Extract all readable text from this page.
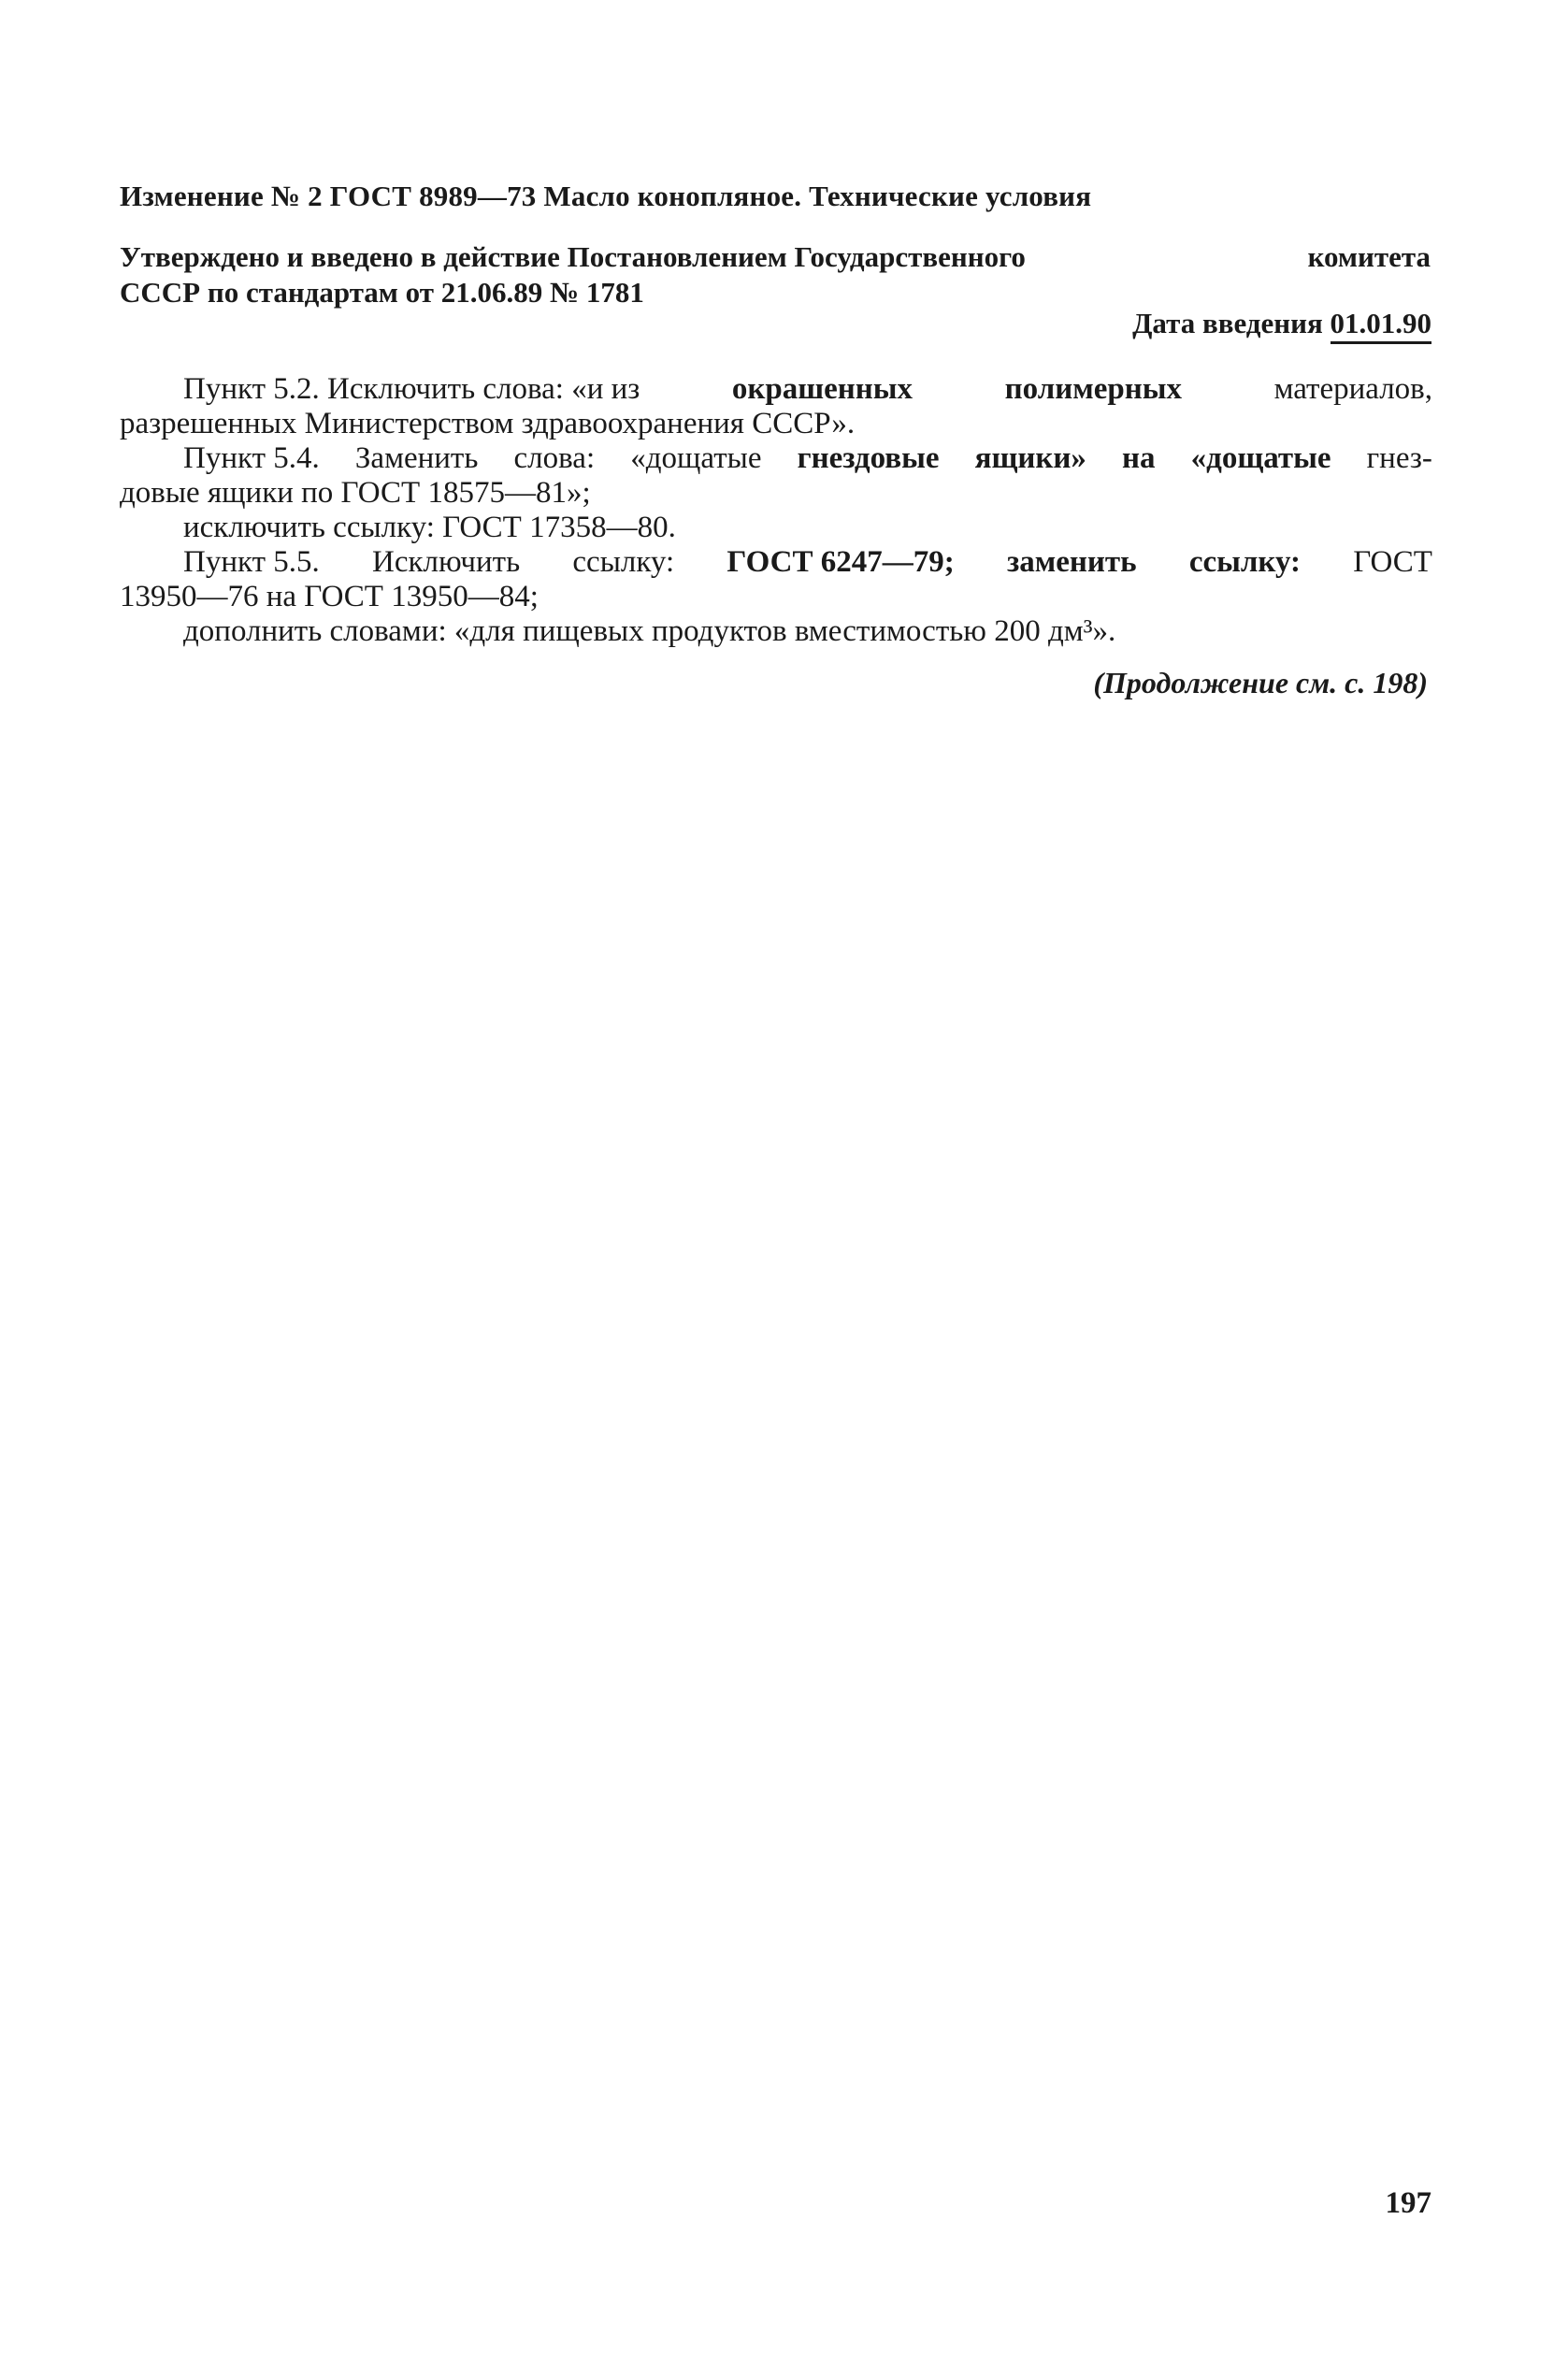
Изменение № 2 ГОСТ 8989—73 Масло конопляное. Технические условия
Утверждено и введено в действие Постановлением Государственного	комитета
СССР по стандартам от 21.06.89 № 1781
Дата введения 01.01.90
Пункт 5.2. Исключить слова: «и из	окрашенных	полимерных	материалов,
разрешенных Министерством здравоохранения СССР».
Пункт 5.4. Заменить слова: «дощатые гнездовые ящики» на «дощатые гнез-
довые ящики по ГОСТ 18575—81»;
исключить ссылку: ГОСТ 17358—80.
Пункт 5.5. Исключить ссылку: ГОСТ 6247—79; заменить ссылку: ГОСТ
13950—76 на ГОСТ 13950—84;
дополнить словами: «для пищевых продуктов вместимостью 200 дм³».
(Продолжение см. с. 198)
197
